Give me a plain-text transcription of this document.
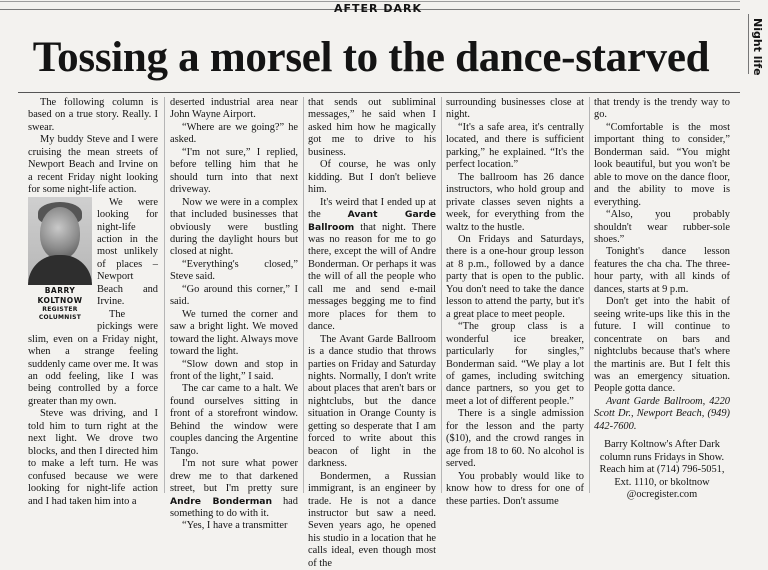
AFTER DARK
Night life
Tossing a morsel to the dance-starved

The following column is based on a true story. Really. I swear.

My buddy Steve and I were cruising the mean streets of Newport Beach and Irvine on a recent Friday night looking for some night-life action.

BARRY KOLTNOW
REGISTER COLUMNIST

We were looking for night-life action in the most unlikely of places – Newport Beach and Irvine.

The pickings were slim, even on a Friday night, when a strange feeling suddenly came over me. It was an odd feeling, like I was being controlled by a force greater than my own.

Steve was driving, and I told him to turn right at the next light. We drove two blocks, and then I directed him to make a left turn. He was confused because we were looking for night-life action and I had taken him into a

deserted industrial area near John Wayne Airport.

“Where are we going?” he asked.

“I'm not sure,” I replied, before telling him that he should turn into that next driveway.

Now we were in a complex that included businesses that obviously were bustling during the daylight hours but closed at night.

“Everything's closed,” Steve said.

“Go around this corner,” I said.

We turned the corner and saw a bright light. We moved toward the light. Always move toward the light.

“Slow down and stop in front of the light,” I said.

The car came to a halt. We found ourselves sitting in front of a storefront window. Behind the window were couples dancing the Argentine Tango.

I'm not sure what power drew me to that darkened street, but I'm pretty sure Andre Bonderman had something to do with it.

“Yes, I have a transmitter

that sends out subliminal messages,” he said when I asked him how he magically got me to drive to his business.

Of course, he was only kidding. But I don't believe him.

It's weird that I ended up at the Avant Garde Ballroom that night. There was no reason for me to go there, except the will of Andre Bonderman. Or perhaps it was the will of all the people who call me and send e-mail messages begging me to find more places for them to dance.

The Avant Garde Ballroom is a dance studio that throws parties on Friday and Saturday nights. Normally, I don't write about places that aren't bars or nightclubs, but the dance situation in Orange County is getting so desperate that I am forced to write about this beacon of light in the darkness.

Bondermen, a Russian immigrant, is an engineer by trade. He is not a dance instructor but saw a need. Seven years ago, he opened his studio in a location that he calls ideal, even though most of the

surrounding businesses close at night.

“It's a safe area, it's centrally located, and there is sufficient parking,” he explained. “It's the perfect location.”

The ballroom has 26 dance instructors, who hold group and private classes seven nights a week, for everything from the waltz to the hustle.

On Fridays and Saturdays, there is a one-hour group lesson at 8 p.m., followed by a dance party that is open to the public. You don't need to take the dance lesson to attend the party, but it's a great place to meet people.

“The group class is a wonderful ice breaker, particularly for singles,” Bonderman said. “We play a lot of games, including switching dance partners, so you get to meet a lot of different people.”

There is a single admission for the lesson and the party ($10), and the crowd ranges in age from 18 to 60. No alcohol is served.

You probably would like to know how to dress for one of these parties. Don't assume

that trendy is the trendy way to go.

“Comfortable is the most important thing to consider,” Bonderman said. “You might look beautiful, but you won't be able to move on the dance floor, and the ability to move is everything.

“Also, you probably shouldn't wear rubber-sole shoes.”

Tonight's dance lesson features the cha cha. The three-hour party, with all kinds of dances, starts at 9 p.m.

Don't get into the habit of seeing write-ups like this in the future. I will continue to concentrate on bars and nightclubs because that's where the martinis are. But I felt this was an emergency situation. People gotta dance.

Avant Garde Ballroom, 4220 Scott Dr., Newport Beach, (949) 442-7600.

Barry Koltnow's After Dark column runs Fridays in Show. Reach him at (714) 796-5051, Ext. 1110, or bkoltnow @ocregister.com
